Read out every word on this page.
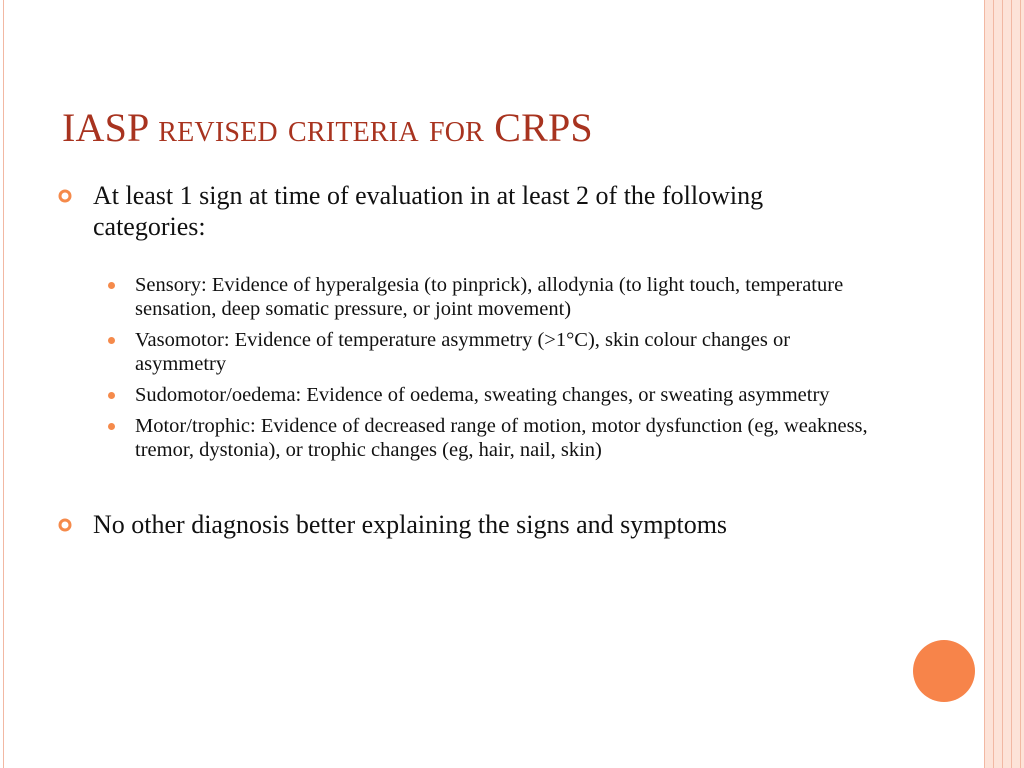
IASP revised criteria for CRPS
At least 1 sign at time of evaluation in at least 2 of the following categories:
Sensory: Evidence of hyperalgesia (to pinprick), allodynia (to light touch, temperature sensation, deep somatic pressure, or joint movement)
Vasomotor: Evidence of temperature asymmetry (>1°C), skin colour changes or asymmetry
Sudomotor/oedema: Evidence of oedema, sweating changes, or sweating asymmetry
Motor/trophic: Evidence of decreased range of motion, motor dysfunction (eg, weakness, tremor, dystonia), or trophic changes (eg, hair, nail, skin)
No other diagnosis better explaining the signs and symptoms
